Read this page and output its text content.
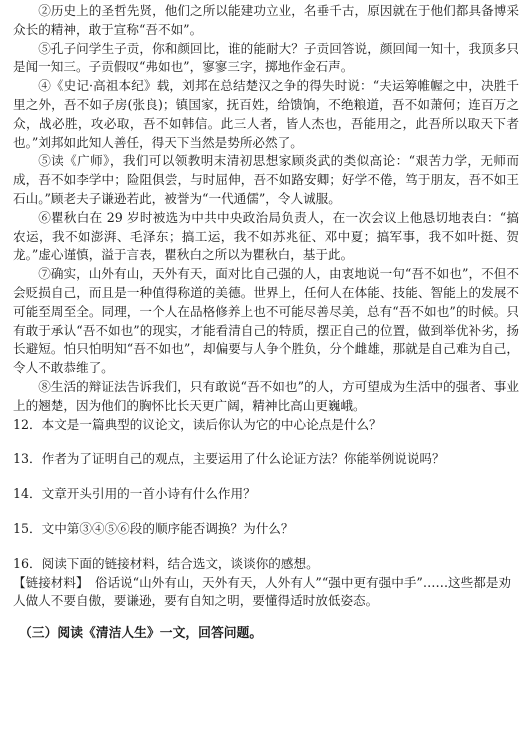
②历史上的圣哲先贤，他们之所以能建功立业，名垂千古，原因就在于他们都具备博采众长的精神，敢于宣称“吾不如”。

⑤孔子问学生子贡，你和颜回比，谁的能耐大？子贡回答说，颜回闻一知十，我顶多只是闻一知三。子贡假叹“弗如也”，寥寥三字，掷地作金石声。

④《史记·高祖本纪》载，刘邦在总结楚汉之争的得失时说：“夫运筹帷幄之中，决胜千里之外，吾不如子房(张良)；镇国家，抚百姓，给馈饷，不绝粮道，吾不如萧何；连百万之众，战必胜，攻必取，吾不如韩信。此三人者，皆人杰也，吾能用之，此吾所以取天下者也。”刘邦如此知人善任，得天下当然是势所必然了。

⑤读《广师》，我们可以领教明末清初思想家顾炎武的类似高论：“艰苦力学，无师而成，吾不如李学中；险阻俱尝，与时屈伸，吾不如路安卿；好学不倦，笃于朋友，吾不如王石山。”顾老夫子谦逊若此，被誉为“一代通儒”，令人诚服。

⑥瞿秋白在 29 岁时被选为中共中央政治局负责人，在一次会议上他恳切地表白：“搞农运，我不如澎湃、毛泽东；搞工运，我不如苏兆征、邓中夏；搞军事，我不如叶挺、贺龙。”虚心谨慎，溢于言表，瞿秋白之所以为瞿秋白，基于此。

⑦确实，山外有山，天外有天，面对比自己强的人，由衷地说一句“吾不如也”，不但不会贬损自己，而且是一种值得称道的美德。世界上，任何人在体能、技能、智能上的发展不可能至周至全。同理，一个人在品格修养上也不可能尽善尽美，总有“吾不如也”的时候。只有敢于承认“吾不如也”的现实，才能看清自己的特质，摆正自己的位置，做到举优补劣，扬长避短。怕只怕明知“吾不如也”，却偏要与人争个胜负，分个雌雄，那就是自己难为自己，令人不敢恭维了。

⑧生活的辩证法告诉我们，只有敢说“吾不如也”的人，方可望成为生活中的强者、事业上的翘楚，因为他们的胸怀比长天更广阔，精神比高山更巍峨。

12．本文是一篇典型的议论文，读后你认为它的中心论点是什么？

13．作者为了证明自己的观点，主要运用了什么论证方法？你能举例说说吗？

14．文章开头引用的一首小诗有什么作用？

15．文中第③④⑤⑥段的顺序能否调换？为什么？

16．阅读下面的链接材料，结合选文，谈谈你的感想。

【链接材料】　俗话说“山外有山，天外有天，人外有人”“强中更有强中手”……这些都是劝人做人不要自傲，要谦逊，要有自知之明，要懂得适时放低姿态。

（三）阅读《清洁人生》一文，回答问题。
